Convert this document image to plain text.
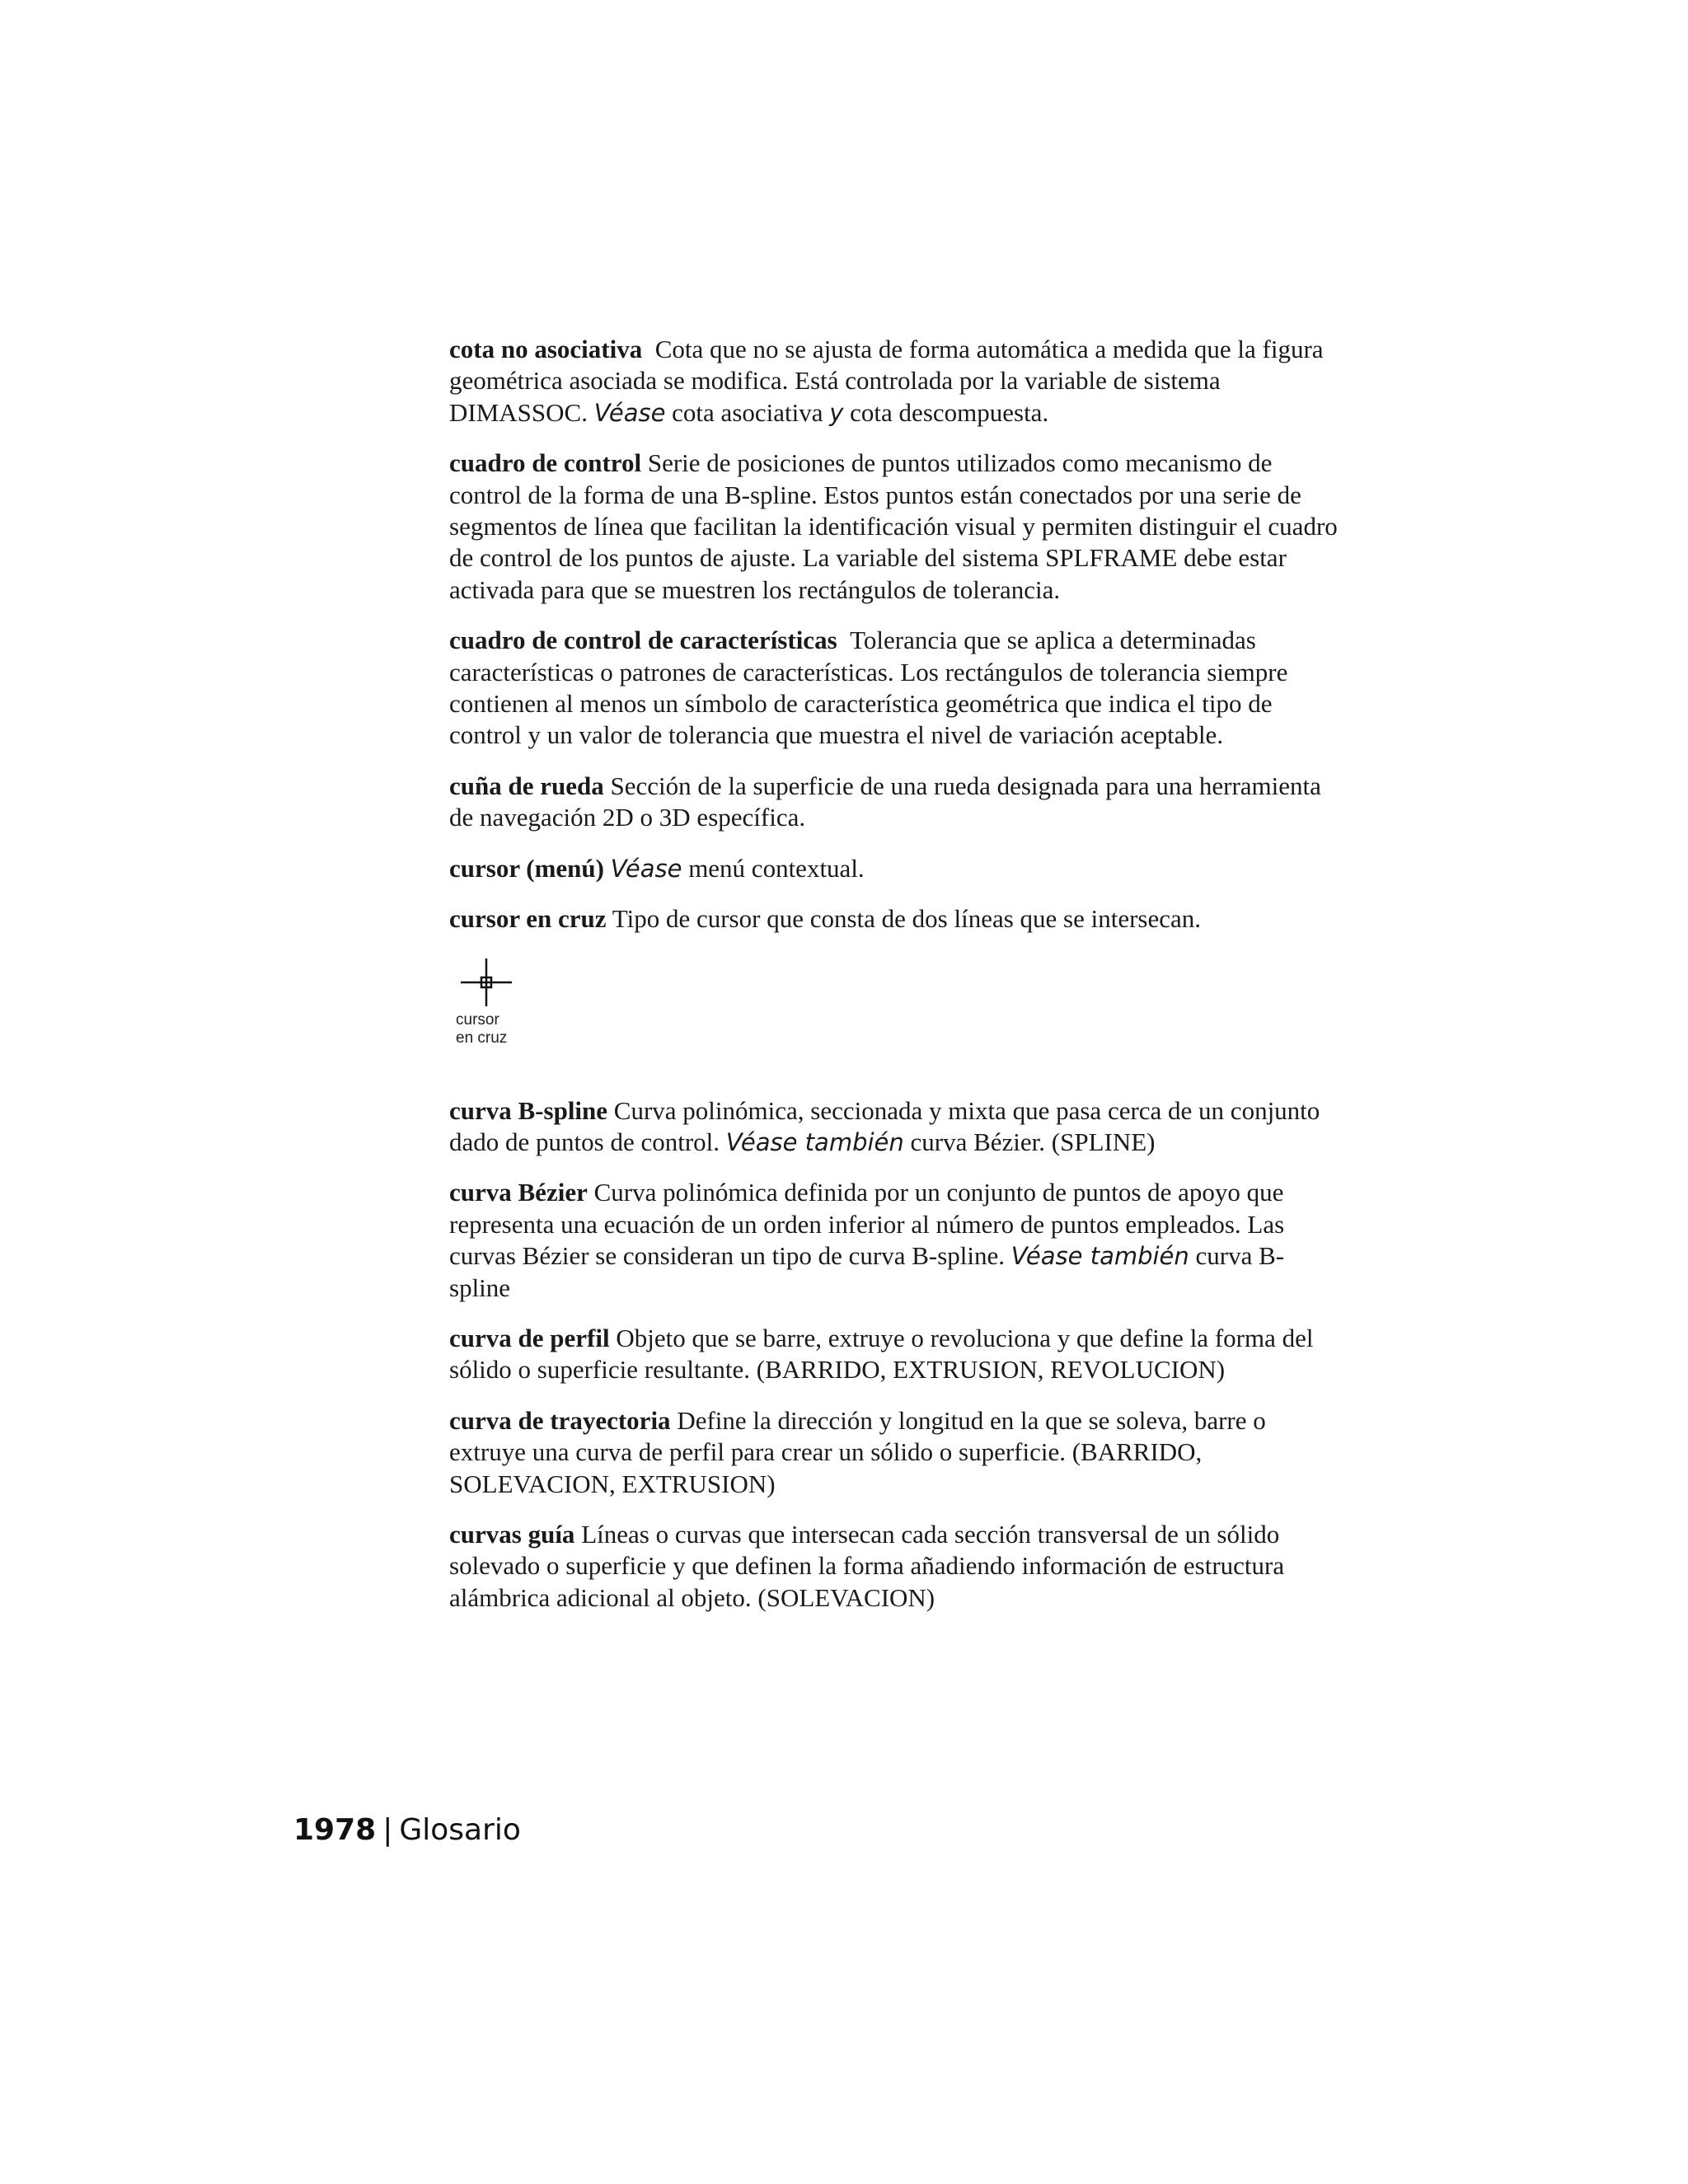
cota no asociativa Cota que no se ajusta de forma automática a medida que la figura geométrica asociada se modifica. Está controlada por la variable de sistema DIMASSOC. Véase cota asociativa y cota descompuesta.

cuadro de control Serie de posiciones de puntos utilizados como mecanismo de control de la forma de una B-spline. Estos puntos están conectados por una serie de segmentos de línea que facilitan la identificación visual y permiten distinguir el cuadro de control de los puntos de ajuste. La variable del sistema SPLFRAME debe estar activada para que se muestren los rectángulos de tolerancia.

cuadro de control de características Tolerancia que se aplica a determinadas características o patrones de características. Los rectángulos de tolerancia siempre contienen al menos un símbolo de característica geométrica que indica el tipo de control y un valor de tolerancia que muestra el nivel de variación aceptable.

cuña de rueda Sección de la superficie de una rueda designada para una herramienta de navegación 2D o 3D específica.

cursor (menú) Véase menú contextual.

cursor en cruz Tipo de cursor que consta de dos líneas que se intersecan.

cursor
en cruz

curva B-spline Curva polinómica, seccionada y mixta que pasa cerca de un conjunto dado de puntos de control. Véase también curva Bézier. (SPLINE)

curva Bézier Curva polinómica definida por un conjunto de puntos de apoyo que representa una ecuación de un orden inferior al número de puntos empleados. Las curvas Bézier se consideran un tipo de curva B-spline. Véase también curva B-spline

curva de perfil Objeto que se barre, extruye o revoluciona y que define la forma del sólido o superficie resultante. (BARRIDO, EXTRUSION, REVOLUCION)

curva de trayectoria Define la dirección y longitud en la que se soleva, barre o extruye una curva de perfil para crear un sólido o superficie. (BARRIDO, SOLEVACION, EXTRUSION)

curvas guía Líneas o curvas que intersecan cada sección transversal de un sólido solevado o superficie y que definen la forma añadiendo información de estructura alámbrica adicional al objeto. (SOLEVACION)

1978 | Glosario
